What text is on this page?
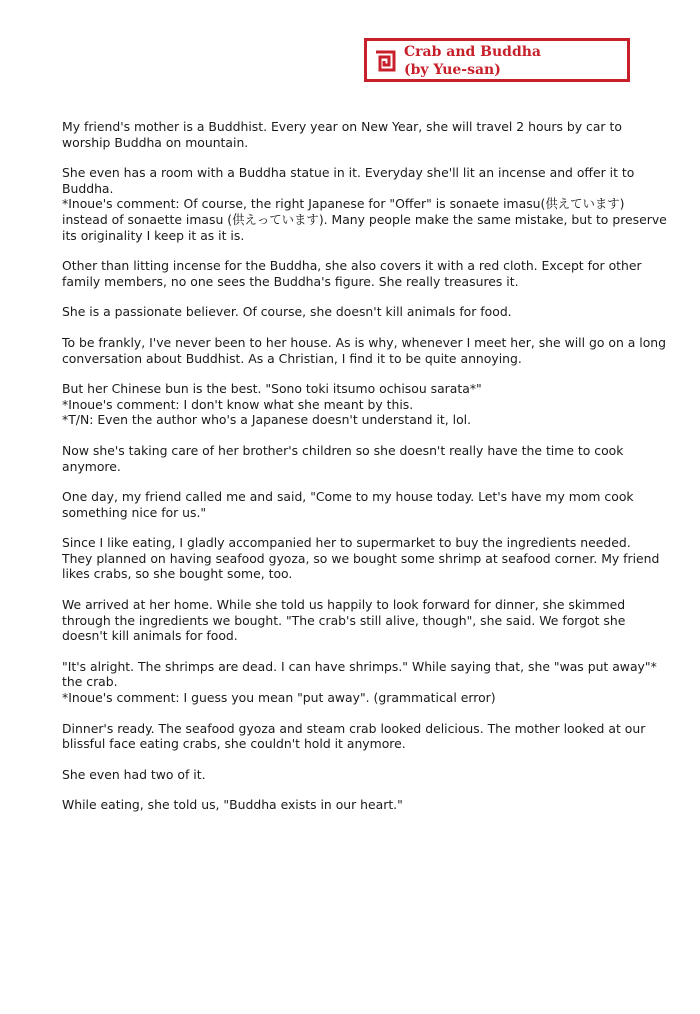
Crab and Buddha
(by Yue-san)

My friend's mother is a Buddhist. Every year on New Year, she will travel 2 hours by car to
worship Buddha on mountain.

She even has a room with a Buddha statue in it. Everyday she'll lit an incense and offer it to
Buddha.
*Inoue's comment: Of course, the right Japanese for "Offer" is sonaete imasu(供えています)
instead of sonaette imasu (供えっています). Many people make the same mistake, but to preserve
its originality I keep it as it is.

Other than litting incense for the Buddha, she also covers it with a red cloth. Except for other
family members, no one sees the Buddha's figure. She really treasures it.

She is a passionate believer. Of course, she doesn't kill animals for food.

To be frankly, I've never been to her house. As is why, whenever I meet her, she will go on a long
conversation about Buddhist. As a Christian, I find it to be quite annoying.

But her Chinese bun is the best. "Sono toki itsumo ochisou sarata*"
*Inoue's comment: I don't know what she meant by this.
*T/N: Even the author who's a Japanese doesn't understand it, lol.

Now she's taking care of her brother's children so she doesn't really have the time to cook
anymore.

One day, my friend called me and said, "Come to my house today. Let's have my mom cook
something nice for us."

Since I like eating, I gladly accompanied her to supermarket to buy the ingredients needed.
They planned on having seafood gyoza, so we bought some shrimp at seafood corner. My friend
likes crabs, so she bought some, too.

We arrived at her home. While she told us happily to look forward for dinner, she skimmed
through the ingredients we bought. "The crab's still alive, though", she said. We forgot she
doesn't kill animals for food.

"It's alright. The shrimps are dead. I can have shrimps." While saying that, she "was put away"*
the crab.
*Inoue's comment: I guess you mean "put away". (grammatical error)

Dinner's ready. The seafood gyoza and steam crab looked delicious. The mother looked at our
blissful face eating crabs, she couldn't hold it anymore.

She even had two of it.

While eating, she told us, "Buddha exists in our heart."
